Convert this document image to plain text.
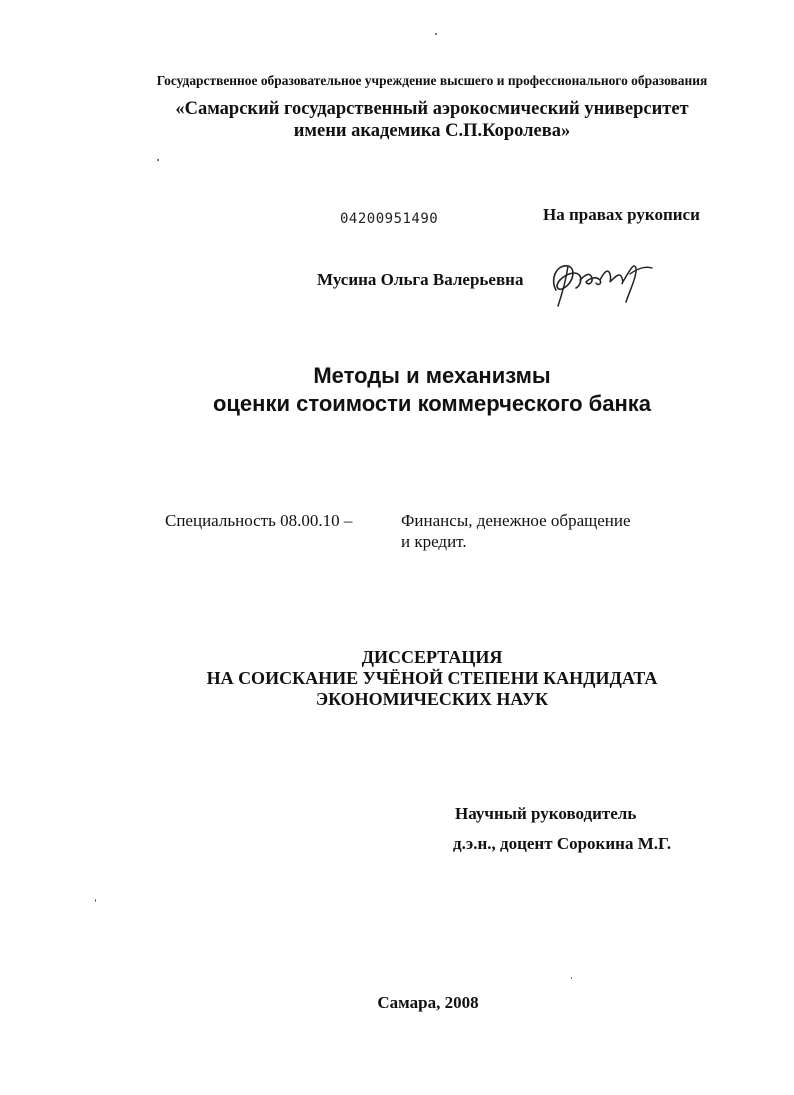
Государственное образовательное учреждение высшего и профессионального образования
«Самарский государственный аэрокосмический университет
имени академика С.П.Королева»
04200951490	На правах рукописи
Мусина Ольга Валерьевна
Методы и механизмы
оценки стоимости коммерческого банка
Специальность 08.00.10 –	Финансы, денежное обращение
и кредит.
ДИССЕРТАЦИЯ
НА СОИСКАНИЕ УЧЁНОЙ СТЕПЕНИ КАНДИДАТА
ЭКОНОМИЧЕСКИХ НАУК
Научный руководитель
д.э.н., доцент Сорокина М.Г.
Самара, 2008
